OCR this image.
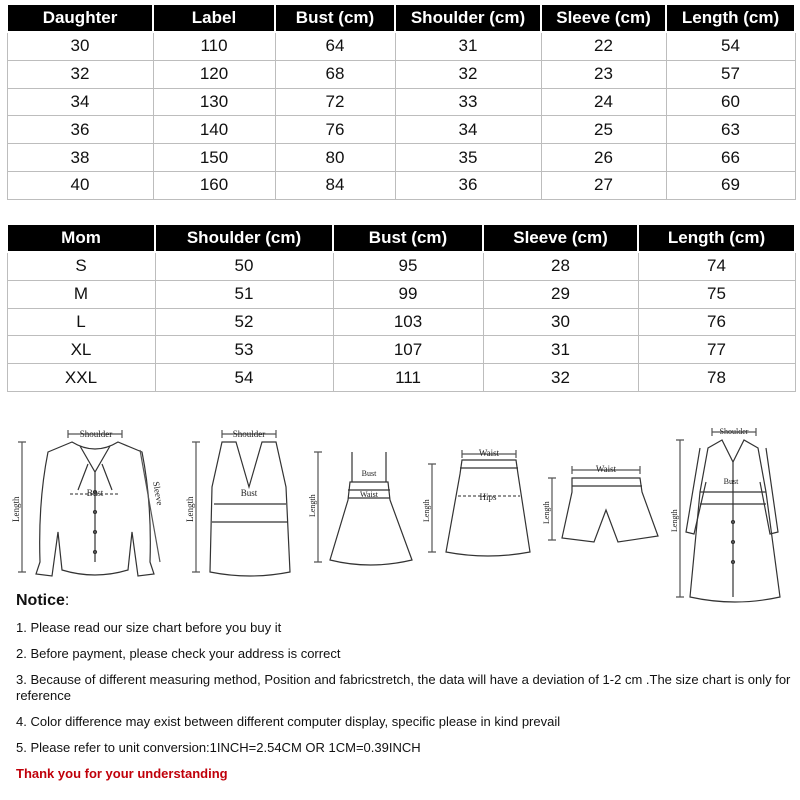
Daughter	Label	Bust (cm)	Shoulder (cm)	Sleeve (cm)	Length (cm)
30	110	64	31	22	54
32	120	68	32	23	57
34	130	72	33	24	60
36	140	76	34	25	63
38	150	80	35	26	66
40	160	84	36	27	69
Mom	Shoulder (cm)	Bust (cm)	Sleeve (cm)	Length (cm)
S	50	95	28	74
M	51	99	29	75
L	52	103	30	76
XL	53	107	31	77
XXL	54	111	32	78
Shoulder
Bust
Length
Sleeve
Shoulder
Bust
Length
Bust
Waist
Length
Waist
Hips
Length
Waist
Length
Shoulder
Bust
Length
Notice:

1. Please read our size chart before you buy it

2. Before payment, please check your address is correct

3. Because of different measuring method, Position and fabricstretch, the data will have a deviation of 1-2 cm .The size chart is only for reference

4. Color difference may exist between different computer display, specific please in kind prevail

5. Please refer to unit conversion:1INCH=2.54CM OR 1CM=0.39INCH

Thank you for your understanding
